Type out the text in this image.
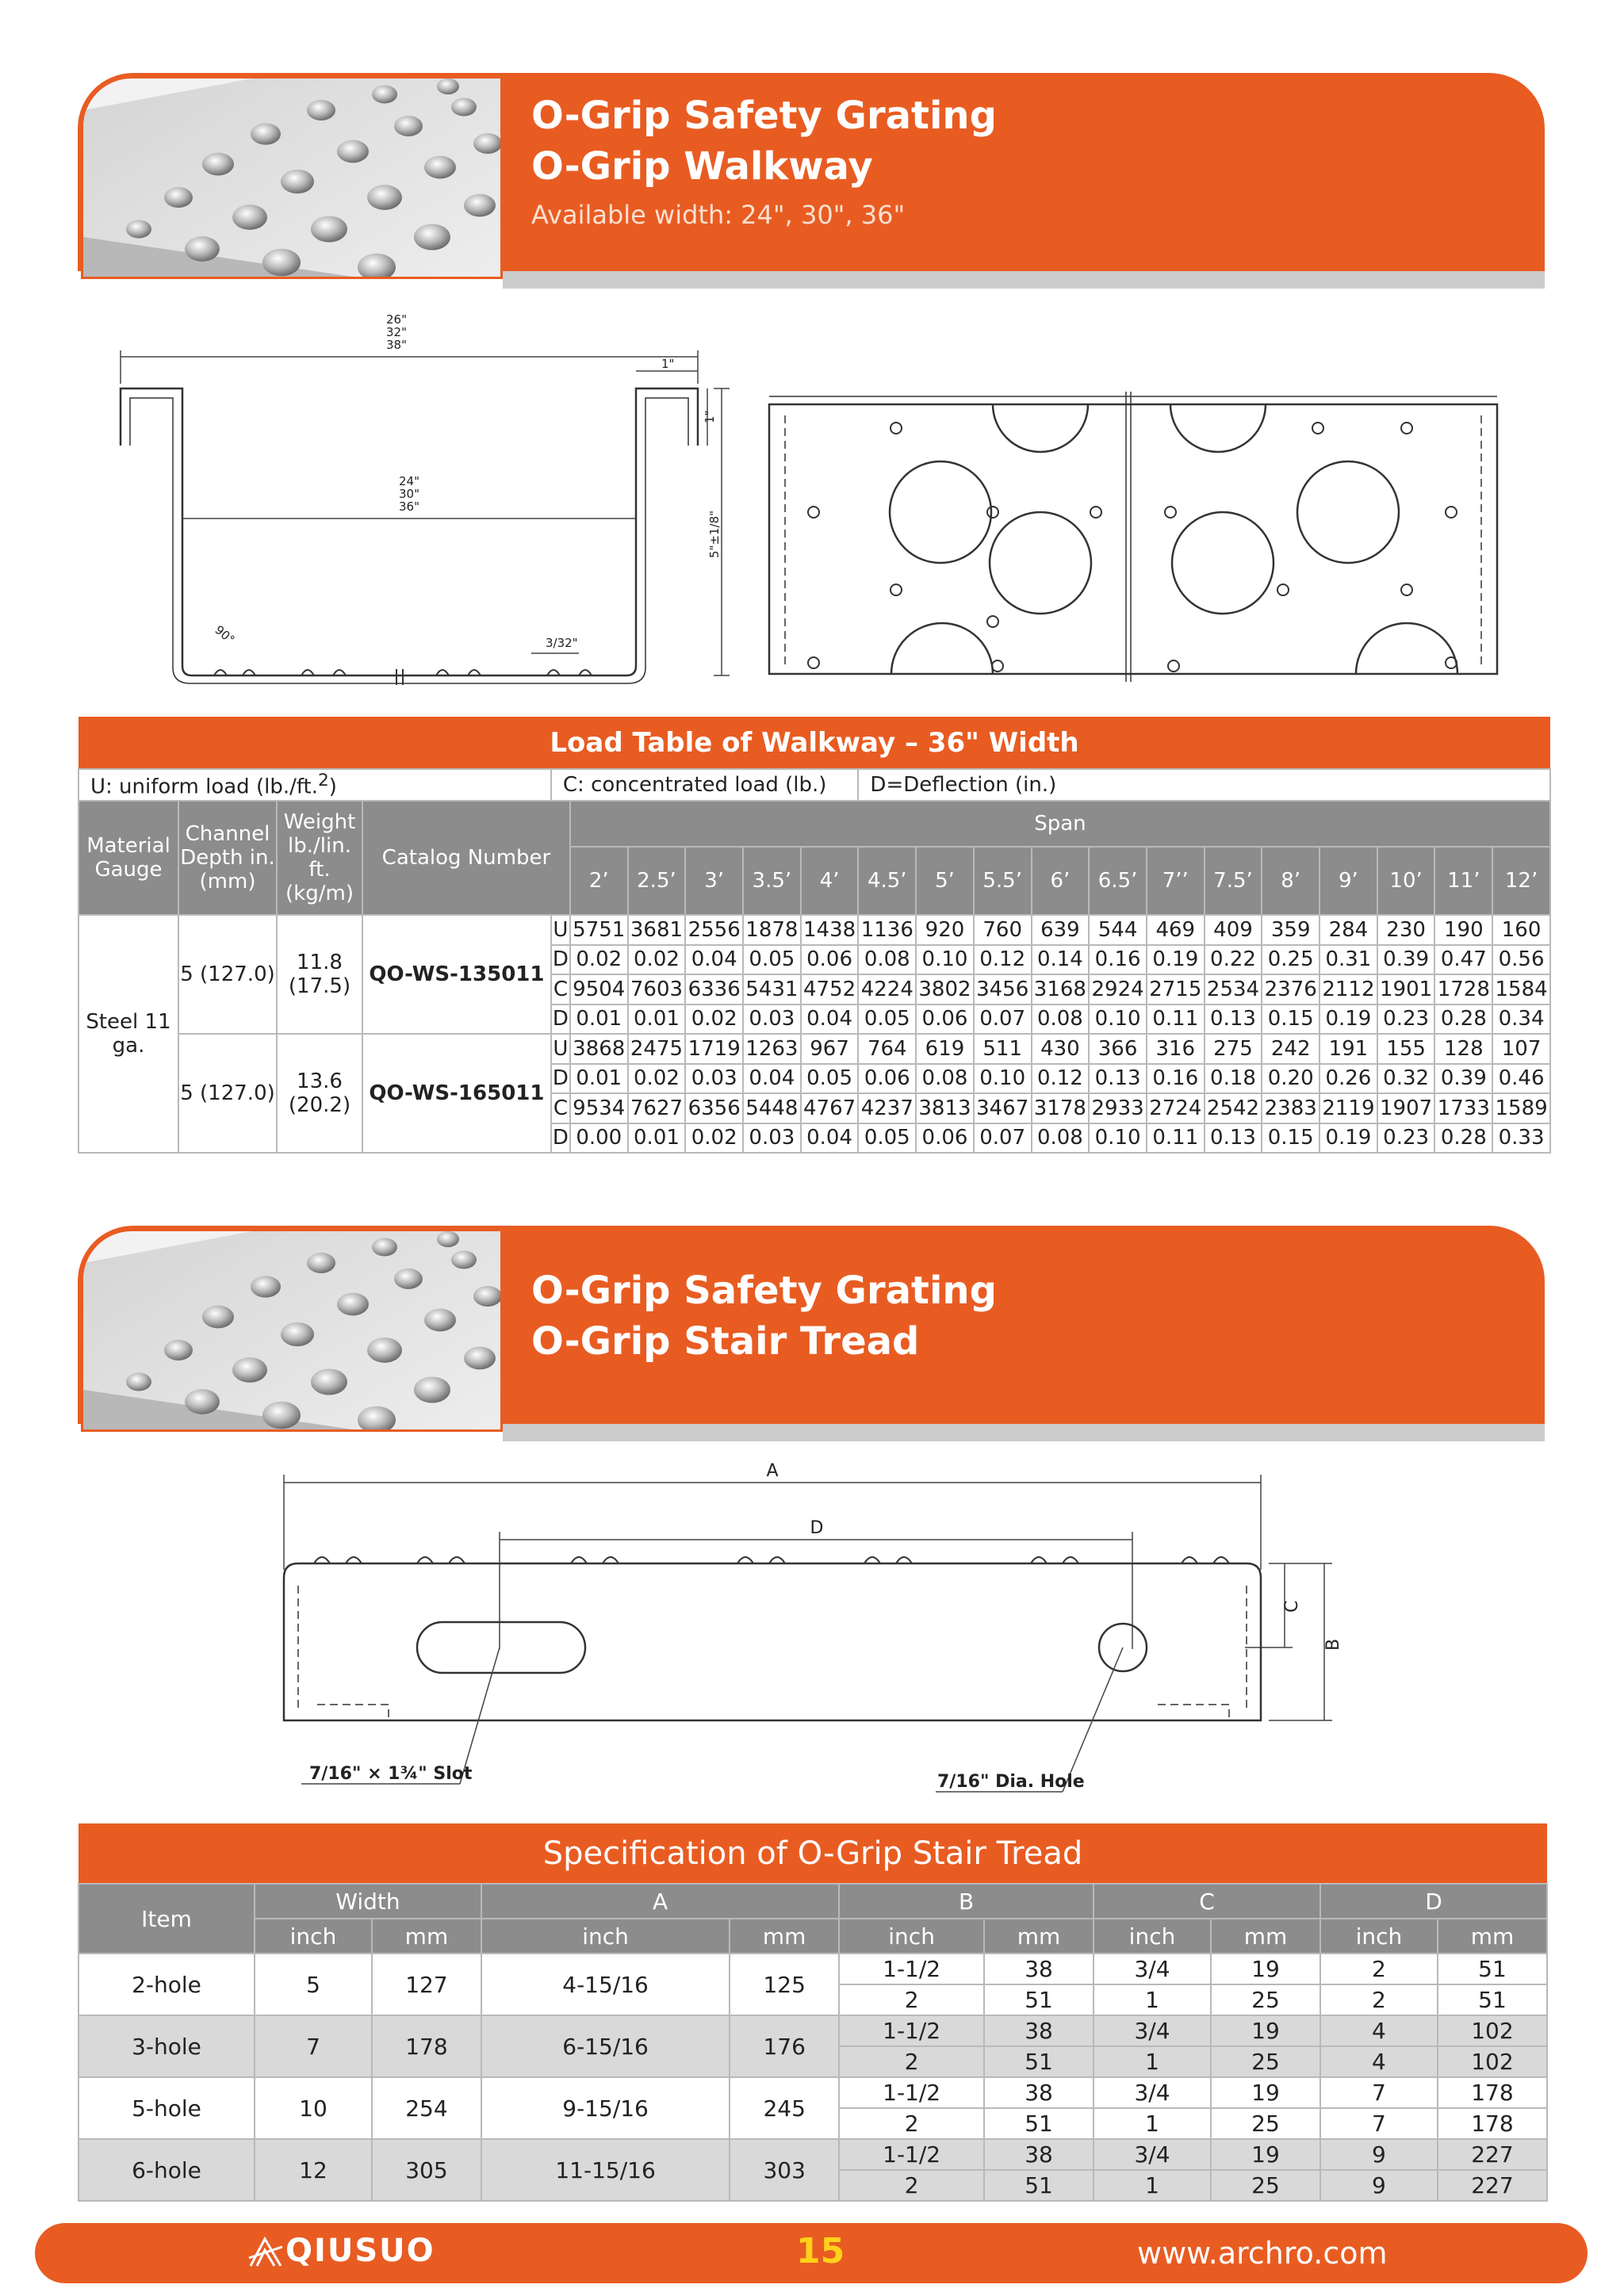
O-Grip Safety Grating
O-Grip Walkway
Available width: 24", 30", 36"
26"
32"
38"
24"
30"
36"
1"
1"
5"±1/8"
90°	3/32"
Load Table of Walkway – 36" Width																					
U: uniform load (lb./ft.$^2$)				C: concentrated load (lb.)						D=Deflection (in.)											
Material Gauge	Channel Depth in. (mm)	Weight lb./lin. ft. (kg/m)	Catalog Number		Span																
					2’	2.5’	3’	3.5’	4’	4.5’	5’	5.5’	6’	6.5’	7’’	7.5’	8’	9’	10’	11’	12’
Steel 11 ga.	5 (127.0)	11.8 (17.5)	QO-WS-135011	U	5751	3681	2556	1878	1438	1136	920	760	639	544	469	409	359	284	230	190	160
				D	0.02	0.02	0.04	0.05	0.06	0.08	0.10	0.12	0.14	0.16	0.19	0.22	0.25	0.31	0.39	0.47	0.56
				C	9504	7603	6336	5431	4752	4224	3802	3456	3168	2924	2715	2534	2376	2112	1901	1728	1584
				D	0.01	0.01	0.02	0.03	0.04	0.05	0.06	0.07	0.08	0.10	0.11	0.13	0.15	0.19	0.23	0.28	0.34
	5 (127.0)	13.6 (20.2)	QO-WS-165011	U	3868	2475	1719	1263	967	764	619	511	430	366	316	275	242	191	155	128	107
				D	0.01	0.02	0.03	0.04	0.05	0.06	0.08	0.10	0.12	0.13	0.16	0.18	0.20	0.26	0.32	0.39	0.46
				C	9534	7627	6356	5448	4767	4237	3813	3467	3178	2933	2724	2542	2383	2119	1907	1733	1589
				D	0.00	0.01	0.02	0.03	0.04	0.05	0.06	0.07	0.08	0.10	0.11	0.13	0.15	0.19	0.23	0.28	0.33
O-Grip Safety Grating
O-Grip Stair Tread
A
D
C
B
7/16" × 1¾" Slot	7/16" Dia. Hole
Specification of O-Grip Stair Tread										
Item	Width		A		B		C		D	
	inch	mm	inch	mm	inch	mm	inch	mm	inch	mm
2-hole	5	127	4-15/16	125	1-1/2	38	3/4	19	2	51
					2	51	1	25	2	51
3-hole	7	178	6-15/16	176	1-1/2	38	3/4	19	4	102
					2	51	1	25	4	102
5-hole	10	254	9-15/16	245	1-1/2	38	3/4	19	7	178
					2	51	1	25	7	178
6-hole	12	305	11-15/16	303	1-1/2	38	3/4	19	9	227
					2	51	1	25	9	227
QIUSUO	15	www.archro.com
